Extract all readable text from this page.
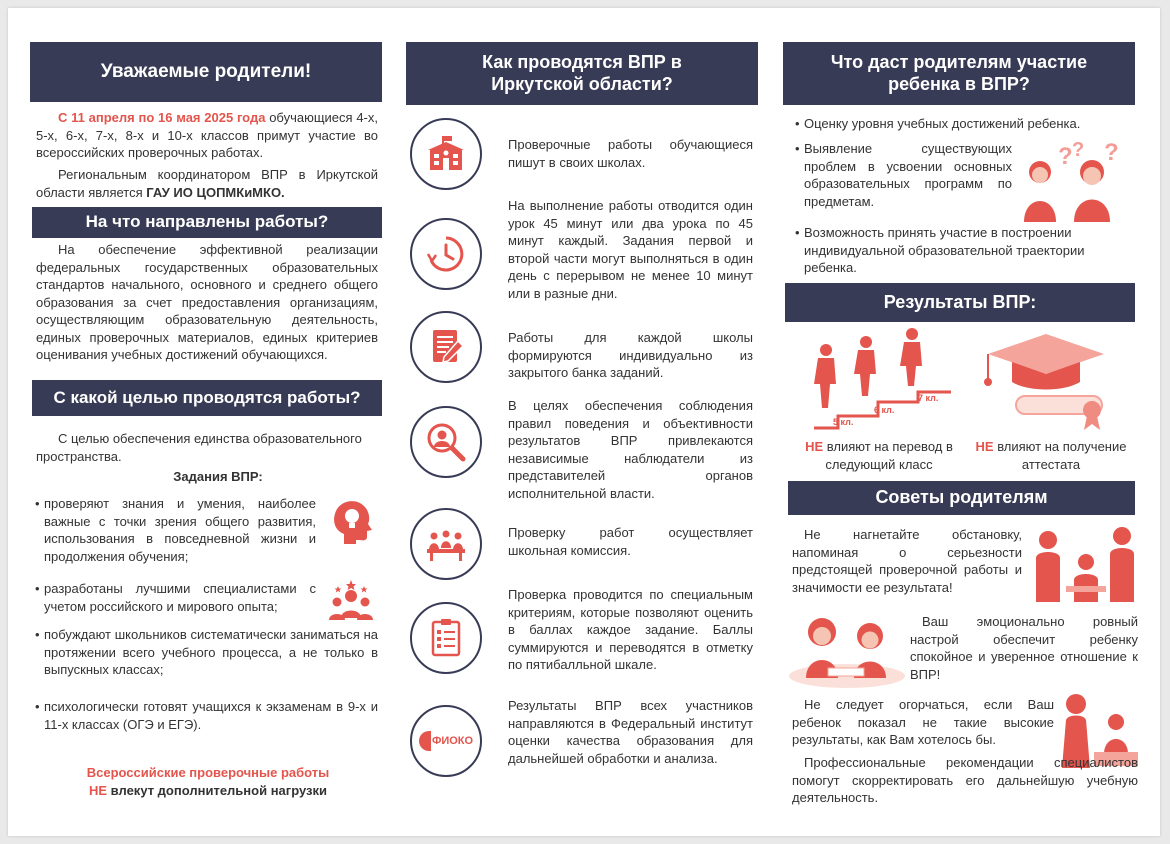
Уважаемые родители!
С 11 апреля по 16 мая 2025 года обучающиеся 4-х, 5-х, 6-х, 7-х, 8-х и 10-х классов примут участие во всероссийских проверочных работах.
Региональным координатором ВПР в Иркутской области является ГАУ ИО ЦОПМКиМКО.
На что направлены работы?
На обеспечение эффективной реализации федеральных государственных образовательных стандартов начального, основного и среднего общего образования за счет предоставления организациям, осуществляющим образовательную деятельность, единых проверочных материалов, единых критериев оценивания учебных достижений обучающихся.
С какой целью проводятся работы?
С целью обеспечения единства образовательного пространства.
Задания ВПР:
• проверяют знания и умения, наиболее важные с точки зрения общего развития, использования в повседневной жизни и продолжения обучения;
• разработаны лучшими специалистами с учетом российского и мирового опыта;
• побуждают школьников систематически заниматься на протяжении всего учебного процесса, а не только в выпускных классах;
• психологически готовят учащихся к экзаменам в 9-х и 11-х классах (ОГЭ и ЕГЭ).
Всероссийские проверочные работы
НЕ влекут дополнительной нагрузки
Как проводятся ВПР в Иркутской области?
Проверочные работы обучающиеся пишут в своих школах.
На выполнение работы отводится один урок 45 минут или два урока по 45 минут каждый. Задания первой и второй части могут выполняться в один день с перерывом не менее 10 минут или в разные дни.
Работы для каждой школы формируются индивидуально из закрытого банка заданий.
В целях обеспечения соблюдения правил поведения и объективности результатов ВПР привлекаются независимые наблюдатели из представителей органов исполнительной власти.
Проверку работ осуществляет школьная комиссия.
Проверка проводится по специальным критериям, которые позволяют оценить в баллах каждое задание. Баллы суммируются и переводятся в отметку по пятибалльной шкале.
ФИОКО
Результаты ВПР всех участников направляются в Федеральный институт оценки качества образования для дальнейшей обработки и анализа.
Что даст родителям участие ребенка в ВПР?
• Оценку уровня учебных достижений ребенка.
• Выявление существующих проблем в усвоении основных образовательных программ по предметам.
• Возможность принять участие в построении индивидуальной образовательной траектории ребенка.
? ? ?
Результаты ВПР:
5 кл.
6 кл.
7 кл.
НЕ влияют на перевод в следующий класс
НЕ влияют на получение аттестата
Советы родителям
Не нагнетайте обстановку, напоминая о серьезности предстоящей проверочной работы и значимости ее результата!
Ваш эмоционально ровный настрой обеспечит ребенку спокойное и уверенное отношение к ВПР!
Не следует огорчаться, если Ваш ребенок показал не такие высокие результаты, как Вам хотелось бы.
Профессиональные рекомендации специалистов помогут скорректировать его дальнейшую учебную деятельность.
